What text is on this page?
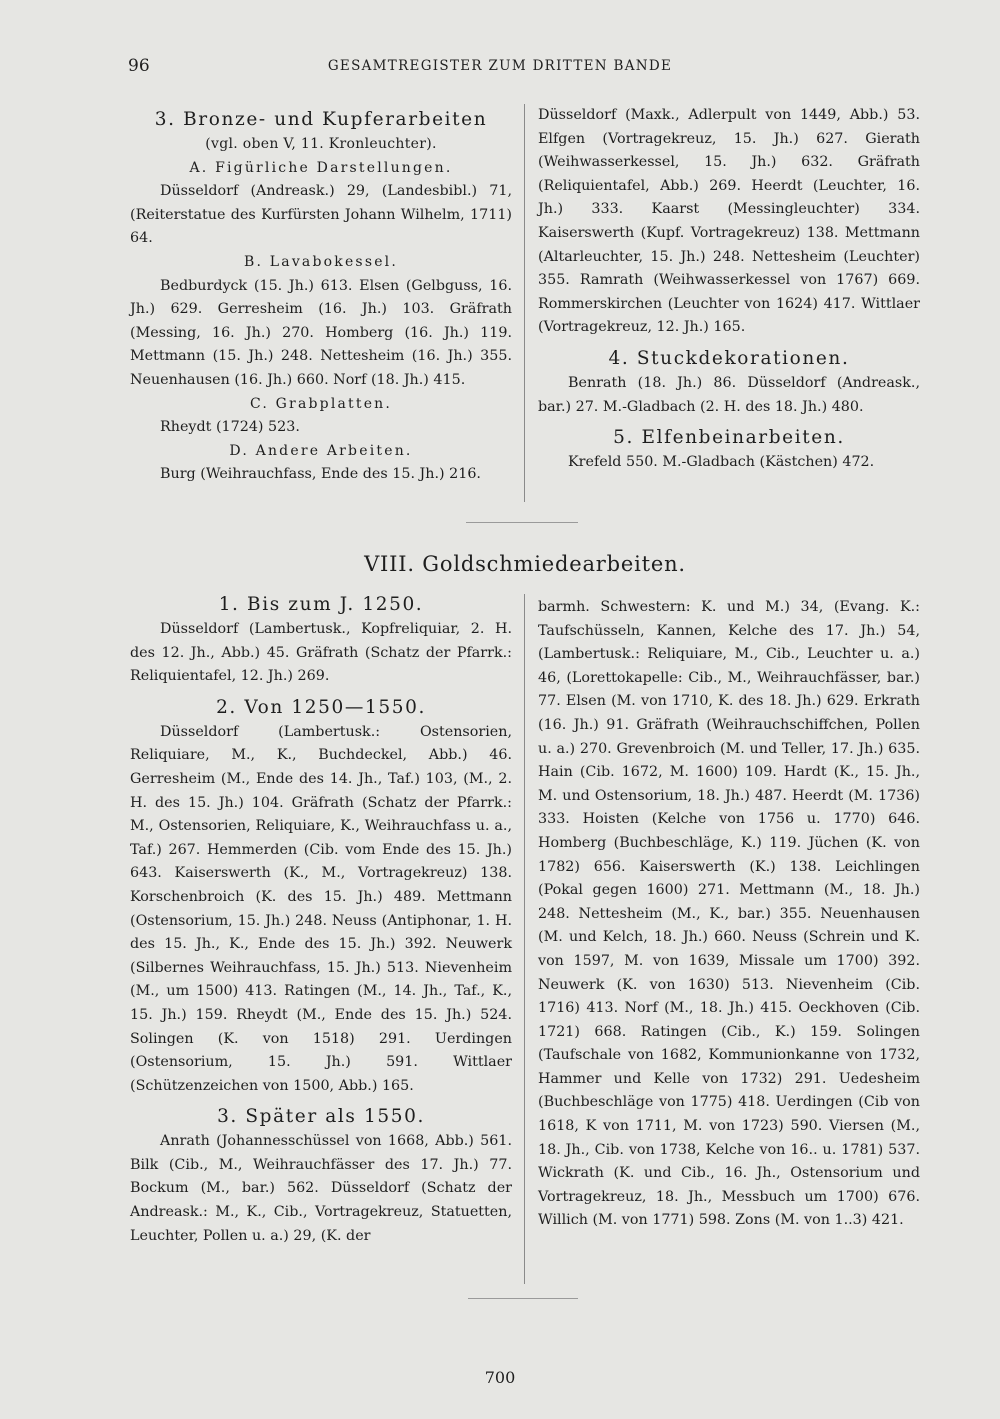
96	GESAMTREGISTER ZUM DRITTEN BANDE
3. Bronze- und Kupferarbeiten
(vgl. oben V, 11. Kronleuchter).
A. Figürliche Darstellungen.

Düsseldorf (Andreask.) 29, (Landesbibl.) 71, (Reiterstatue des Kurfürsten Johann Wilhelm, 1711) 64.

B. Lavabokessel.

Bedburdyck (15. Jh.) 613. Elsen (Gelbguss, 16. Jh.) 629. Gerresheim (16. Jh.) 103. Gräfrath (Messing, 16. Jh.) 270. Homberg (16. Jh.) 119. Mettmann (15. Jh.) 248. Nettesheim (16. Jh.) 355. Neuenhausen (16. Jh.) 660. Norf (18. Jh.) 415.

C. Grabplatten.

Rheydt (1724) 523.

D. Andere Arbeiten.

Burg (Weihrauchfass, Ende des 15. Jh.) 216.

Düsseldorf (Maxk., Adlerpult von 1449, Abb.) 53. Elfgen (Vortragekreuz, 15. Jh.) 627. Gierath (Weihwasserkessel, 15. Jh.) 632. Gräfrath (Reliquientafel, Abb.) 269. Heerdt (Leuchter, 16. Jh.) 333. Kaarst (Messingleuchter) 334. Kaiserswerth (Kupf. Vortragekreuz) 138. Mettmann (Altarleuchter, 15. Jh.) 248. Nettesheim (Leuchter) 355. Ramrath (Weihwasserkessel von 1767) 669. Rommerskirchen (Leuchter von 1624) 417. Wittlaer (Vortragekreuz, 12. Jh.) 165.

4. Stuckdekorationen.

Benrath (18. Jh.) 86. Düsseldorf (Andreask., bar.) 27. M.-Gladbach (2. H. des 18. Jh.) 480.

5. Elfenbeinarbeiten.

Krefeld 550. M.-Gladbach (Kästchen) 472.

VIII. Goldschmiedearbeiten.
1. Bis zum J. 1250.

Düsseldorf (Lambertusk., Kopfreliquiar, 2. H. des 12. Jh., Abb.) 45. Gräfrath (Schatz der Pfarrk.: Reliquientafel, 12. Jh.) 269.

2. Von 1250—1550.

Düsseldorf (Lambertusk.: Ostensorien, Reliquiare, M., K., Buchdeckel, Abb.) 46. Gerresheim (M., Ende des 14. Jh., Taf.) 103, (M., 2. H. des 15. Jh.) 104. Gräfrath (Schatz der Pfarrk.: M., Ostensorien, Reliquiare, K., Weihrauchfass u. a., Taf.) 267. Hemmerden (Cib. vom Ende des 15. Jh.) 643. Kaiserswerth (K., M., Vortragekreuz) 138. Korschenbroich (K. des 15. Jh.) 489. Mettmann (Ostensorium, 15. Jh.) 248. Neuss (Antiphonar, 1. H. des 15. Jh., K., Ende des 15. Jh.) 392. Neuwerk (Silbernes Weihrauchfass, 15. Jh.) 513. Nievenheim (M., um 1500) 413. Ratingen (M., 14. Jh., Taf., K., 15. Jh.) 159. Rheydt (M., Ende des 15. Jh.) 524. Solingen (K. von 1518) 291. Uerdingen (Ostensorium, 15. Jh.) 591. Wittlaer (Schützenzeichen von 1500, Abb.) 165.

3. Später als 1550.

Anrath (Johannesschüssel von 1668, Abb.) 561. Bilk (Cib., M., Weihrauchfässer des 17. Jh.) 77. Bockum (M., bar.) 562. Düsseldorf (Schatz der Andreask.: M., K., Cib., Vortragekreuz, Statuetten, Leuchter, Pollen u. a.) 29, (K. der

barmh. Schwestern: K. und M.) 34, (Evang. K.: Taufschüsseln, Kannen, Kelche des 17. Jh.) 54, (Lambertusk.: Reliquiare, M., Cib., Leuchter u. a.) 46, (Lorettokapelle: Cib., M., Weihrauchfässer, bar.) 77. Elsen (M. von 1710, K. des 18. Jh.) 629. Erkrath (16. Jh.) 91. Gräfrath (Weihrauchschiffchen, Pollen u. a.) 270. Grevenbroich (M. und Teller, 17. Jh.) 635. Hain (Cib. 1672, M. 1600) 109. Hardt (K., 15. Jh., M. und Ostensorium, 18. Jh.) 487. Heerdt (M. 1736) 333. Hoisten (Kelche von 1756 u. 1770) 646. Homberg (Buchbeschläge, K.) 119. Jüchen (K. von 1782) 656. Kaiserswerth (K.) 138. Leichlingen (Pokal gegen 1600) 271. Mettmann (M., 18. Jh.) 248. Nettesheim (M., K., bar.) 355. Neuenhausen (M. und Kelch, 18. Jh.) 660. Neuss (Schrein und K. von 1597, M. von 1639, Missale um 1700) 392. Neuwerk (K. von 1630) 513. Nievenheim (Cib. 1716) 413. Norf (M., 18. Jh.) 415. Oeckhoven (Cib. 1721) 668. Ratingen (Cib., K.) 159. Solingen (Taufschale von 1682, Kommunionkanne von 1732, Hammer und Kelle von 1732) 291. Uedesheim (Buchbeschläge von 1775) 418. Uerdingen (Cib von 1618, K von 1711, M. von 1723) 590. Viersen (M., 18. Jh., Cib. von 1738, Kelche von 16.. u. 1781) 537. Wickrath (K. und Cib., 16. Jh., Ostensorium und Vortragekreuz, 18. Jh., Messbuch um 1700) 676. Willich (M. von 1771) 598. Zons (M. von 1..3) 421.

700
